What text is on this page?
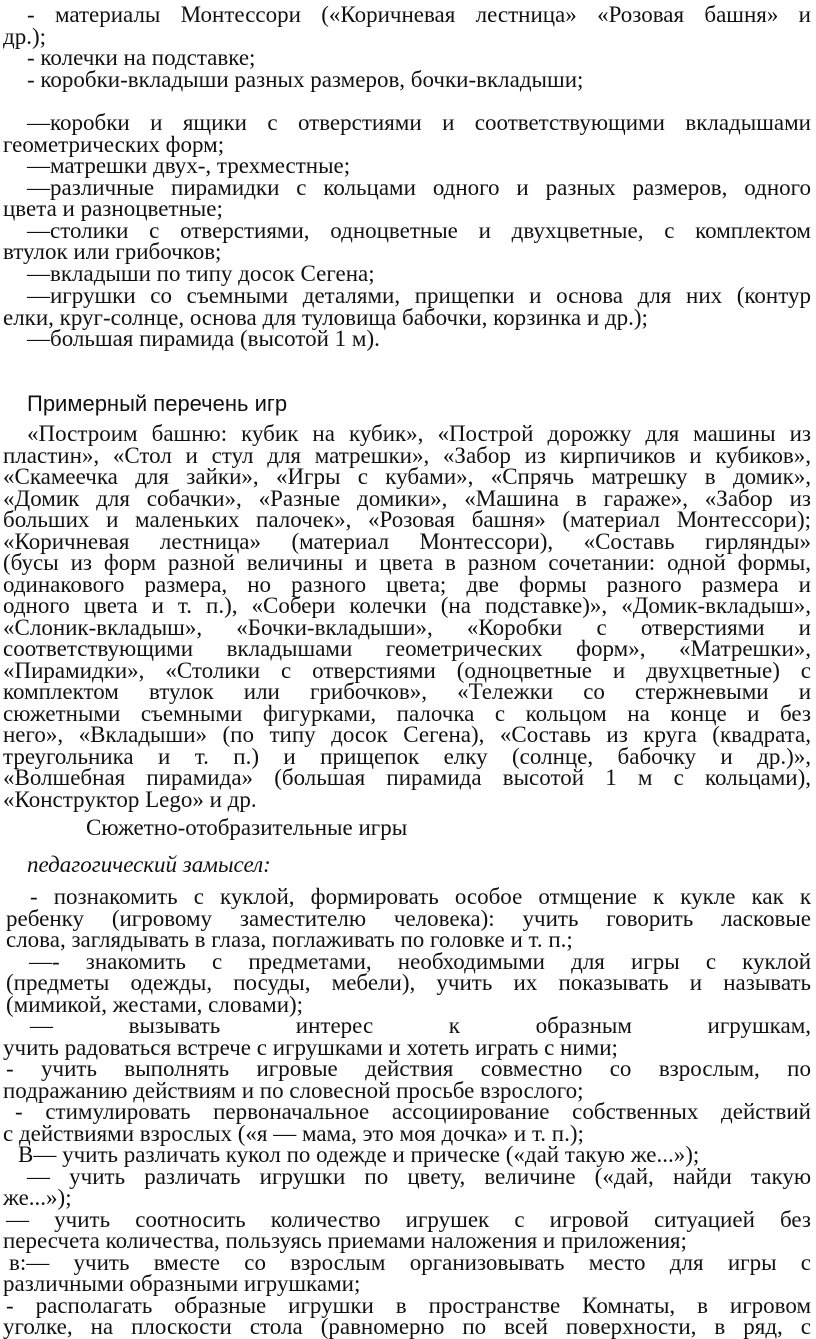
- материалы Монтессори («Коричневая лестница» «Розовая башня» и
др.);
- колечки на подставке;
- коробки-вкладыши разных размеров, бочки-вкладыши;
—коробки и ящики с отверстиями и соответствующими вкладышами
геометрических форм;
—матрешки двух-, трехместные;
—различные пирамидки с кольцами одного и разных размеров, одного
цвета и разноцветные;
—столики с отверстиями, одноцветные и двухцветные, с комплектом
втулок или грибочков;
—вкладыши по типу досок Сегена;
—игрушки со съемными деталями, прищепки и основа для них (контур
елки, круг-солнце, основа для туловища бабочки, корзинка и др.);
—большая пирамида (высотой 1 м).
Примерный перечень игр
«Построим башню: кубик на кубик», «Построй дорожку для машины из
пластин», «Стол и стул для матрешки», «Забор из кирпичиков и кубиков»,
«Скамеечка для зайки», «Игры с кубами», «Спрячь матрешку в домик»,
«Домик для собачки», «Разные домики», «Машина в гараже», «Забор из
больших и маленьких палочек», «Розовая башня» (материал Монтессори);
«Коричневая лестница» (материал Монтессори), «Составь гирлянды»
(бусы из форм разной величины и цвета в разном сочетании: одной формы,
одинакового размера, но разного цвета; две формы разного размера и
одного цвета и т. п.), «Собери колечки (на подставке)», «Домик-вкладыш»,
«Слоник-вкладыш», «Бочки-вкладыши», «Коробки с отверстиями и
соответствующими вкладышами геометрических форм», «Матрешки»,
«Пирамидки», «Столики с отверстиями (одноцветные и двухцветные) с
комплектом втулок или грибочков», «Тележки со стержневыми и
сюжетными съемными фигурками, палочка с кольцом на конце и без
него», «Вкладыши» (по типу досок Сегена), «Составь из круга (квадрата,
треугольника и т. п.) и прищепок елку (солнце, бабочку и др.)»,
«Волшебная пирамида» (большая пирамида высотой 1 м с кольцами),
«Конструктор Lego» и др.
Сюжетно-отобразительные игры
педагогический замысел:
- познакомить с куклой, формировать особое отмщение к кукле как к
ребенку (игровому заместителю человека): учить говорить ласковые
слова, заглядывать в глаза, поглаживать по головке и т. п.;
—- знакомить с предметами, необходимыми для игры с куклой
(предметы одежды, посуды, мебели), учить их показывать и называть
(мимикой, жестами, словами);
— вызывать интерес к образным игрушкам,
учить радоваться встрече с игрушками и хотеть играть с ними;
- учить выполнять игровые действия совместно со взрослым, по
подражанию действиям и по словесной просьбе взрослого;
- стимулировать первоначальное ассоциирование собственных действий
с действиями взрослых («я — мама, это моя дочка» и т. п.);
В— учить различать кукол по одежде и прическе («дай такую же...»);
— учить различать игрушки по цвету, величине («дай, найди такую
же...»);
— учить соотносить количество игрушек с игровой ситуацией без
пересчета количества, пользуясь приемами наложения и приложения;
в:— учить вместе со взрослым организовывать место для игры с
различными образными игрушками;
- располагать образные игрушки в пространстве Комнаты, в игровом
уголке, на плоскости стола (равномерно по всей поверхности, в ряд, с
